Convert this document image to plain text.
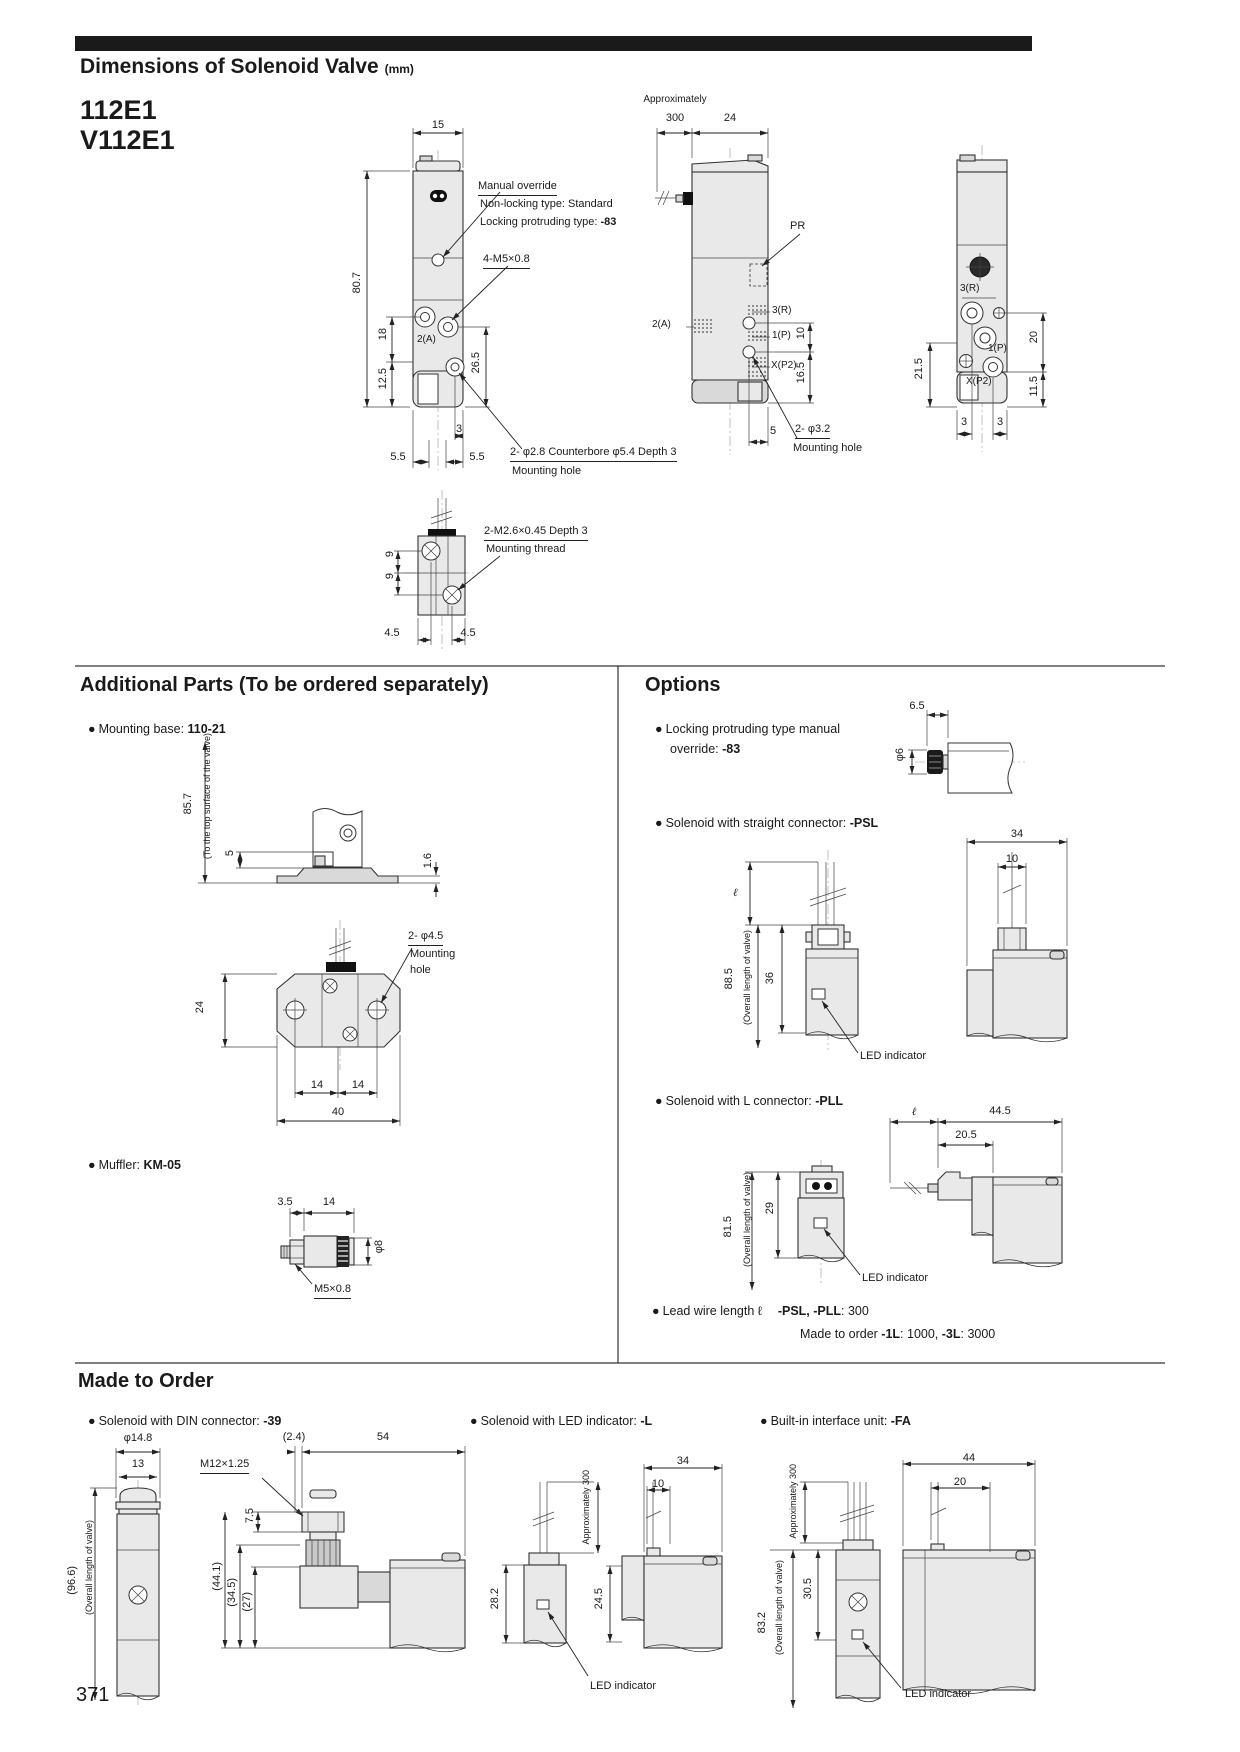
Dimensions of Solenoid Valve (mm)
112E1
V112E1	15
80.7
18
12.5
2(A)
26.5
3
5.5	5.5
Manual override
Non-locking type: Standard
Locking protruding type: -83
4-M5×0.8
2- φ2.8 Counterbore φ5.4 Depth 3
Mounting hole
Approximately
300	24
PR
2(A)
3(R)
1(P)
X(P2)
10
16.5
5 2- φ3.2
Mounting hole
3(R)
1(P)
X(P2)
21.5
20
11.5
3	3
2-M2.6×0.45 Depth 3
Mounting thread
9
9
4.5	4.5
Additional Parts (To be ordered separately)
● Mounting base: 110-21
85.7 (To the top surface of the valve) 5	1.6
2- φ4.5
Mounting
hole
24
14	14
40
● Muffler: KM-05
3.5	14
φ8
M5×0.8
Options
● Locking protruding type manual
override: -83
6.5
φ6
● Solenoid with straight connector: -PSL
ℓ
88.5 (Overall length of valve) 36
LED indicator
34
10
● Solenoid with L connector: -PLL
ℓ	44.5
20.5
81.5 (Overall length of valve) 29
LED indicator
● Lead wire length ℓ -PSL, -PLL: 300
Made to order -1L: 1000, -3L: 3000
Made to Order
● Solenoid with DIN connector: -39
φ14.8
13
(96.6) (Overall length of valve)
M12×1.25
(2.4)	54
7.5
(44.1)
(34.5) (27)
● Solenoid with LED indicator: -L
34
10
Approximately 300
28.2	24.5
LED indicator
● Built-in interface unit: -FA
44
20
Approximately 300
83.2 (Overall length of valve) 30.5
LED indicator
371
